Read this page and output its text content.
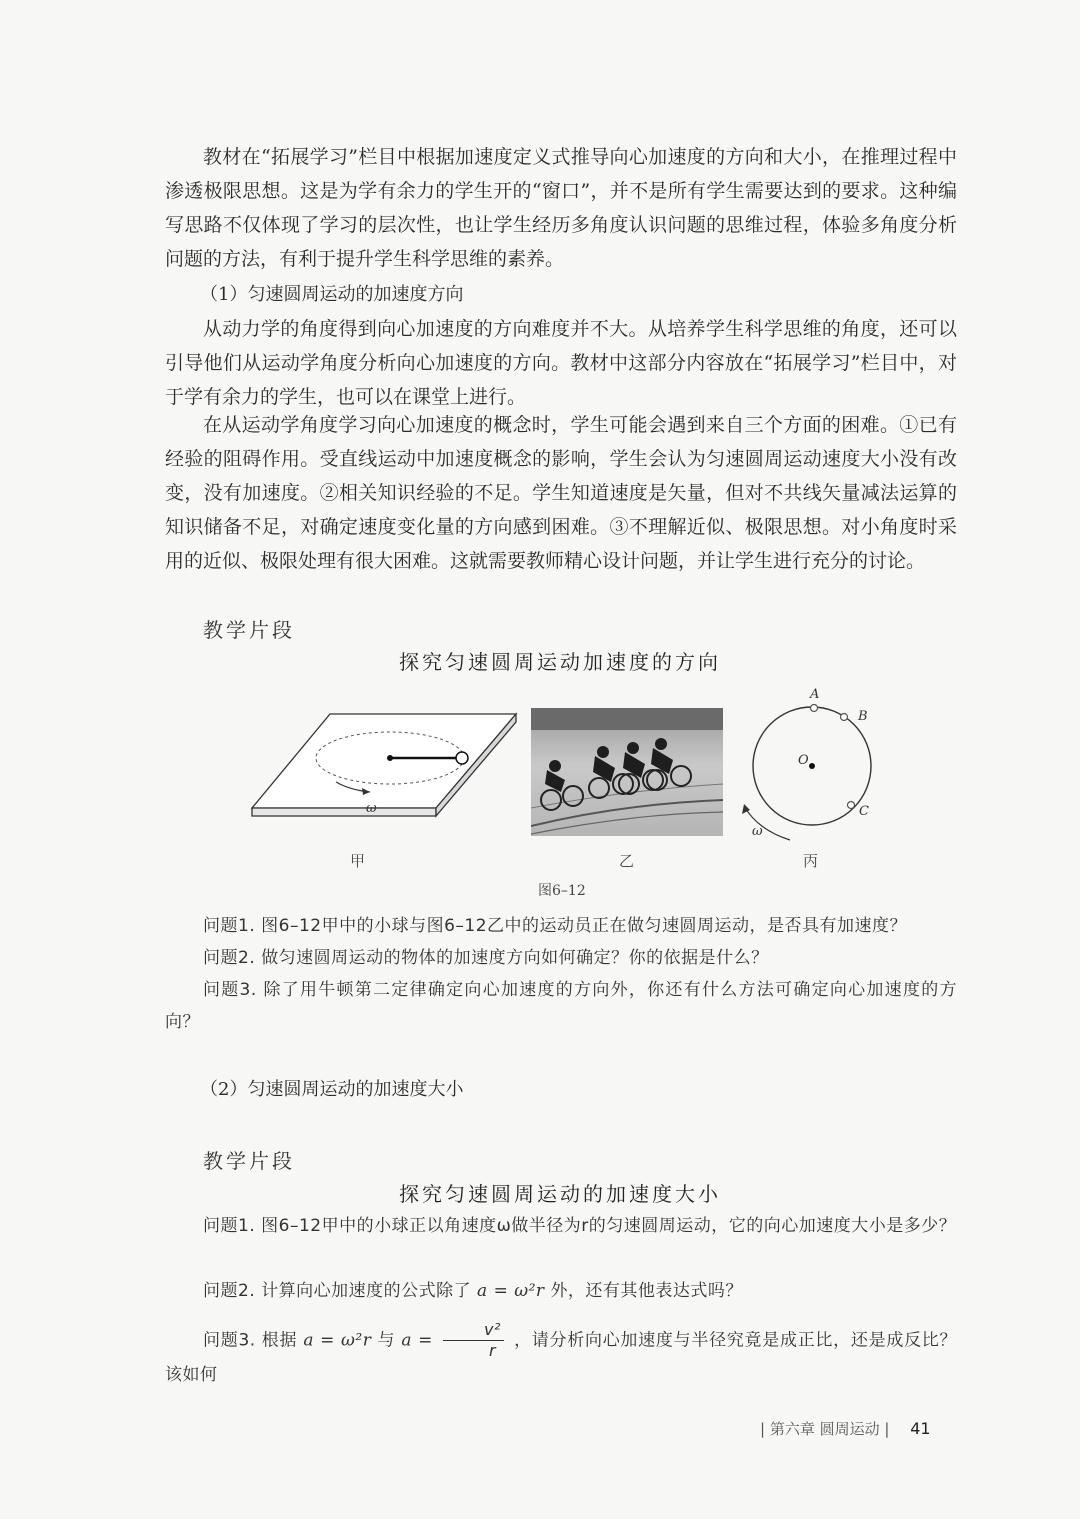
教材在“拓展学习”栏目中根据加速度定义式推导向心加速度的方向和大小，在推理过程中渗透极限思想。这是为学有余力的学生开的“窗口”，并不是所有学生需要达到的要求。这种编写思路不仅体现了学习的层次性，也让学生经历多角度认识问题的思维过程，体验多角度分析问题的方法，有利于提升学生科学思维的素养。

（1）匀速圆周运动的加速度方向

从动力学的角度得到向心加速度的方向难度并不大。从培养学生科学思维的角度，还可以引导他们从运动学角度分析向心加速度的方向。教材中这部分内容放在“拓展学习”栏目中，对于学有余力的学生，也可以在课堂上进行。

在从运动学角度学习向心加速度的概念时，学生可能会遇到来自三个方面的困难。①已有经验的阻碍作用。受直线运动中加速度概念的影响，学生会认为匀速圆周运动速度大小没有改变，没有加速度。②相关知识经验的不足。学生知道速度是矢量，但对不共线矢量减法运算的知识储备不足，对确定速度变化量的方向感到困难。③不理解近似、极限思想。对小角度时采用的近似、极限处理有很大困难。这就需要教师精心设计问题，并让学生进行充分的讨论。

教学片段
探究匀速圆周运动加速度的方向
ω
A
B
C
O
ω
甲	乙	丙
图6–12

问题1. 图6–12甲中的小球与图6–12乙中的运动员正在做匀速圆周运动，是否具有加速度？

问题2. 做匀速圆周运动的物体的加速度方向如何确定？你的依据是什么？

问题3. 除了用牛顿第二定律确定向心加速度的方向外，你还有什么方法可确定向心加速度的方向？

（2）匀速圆周运动的加速度大小

教学片段
探究匀速圆周运动的加速度大小

问题1. 图6–12甲中的小球正以角速度ω做半径为r的匀速圆周运动，它的向心加速度大小是多少？

问题2. 计算向心加速度的公式除了 a = ω²r 外，还有其他表达式吗？

问题3. 根据 a = ω²r 与 $a = \frac{\text{v²}}{r}$ ，请分析向心加速度与半径究竟是成正比，还是成反比？该如何

| 第六章 圆周运动 | 41
